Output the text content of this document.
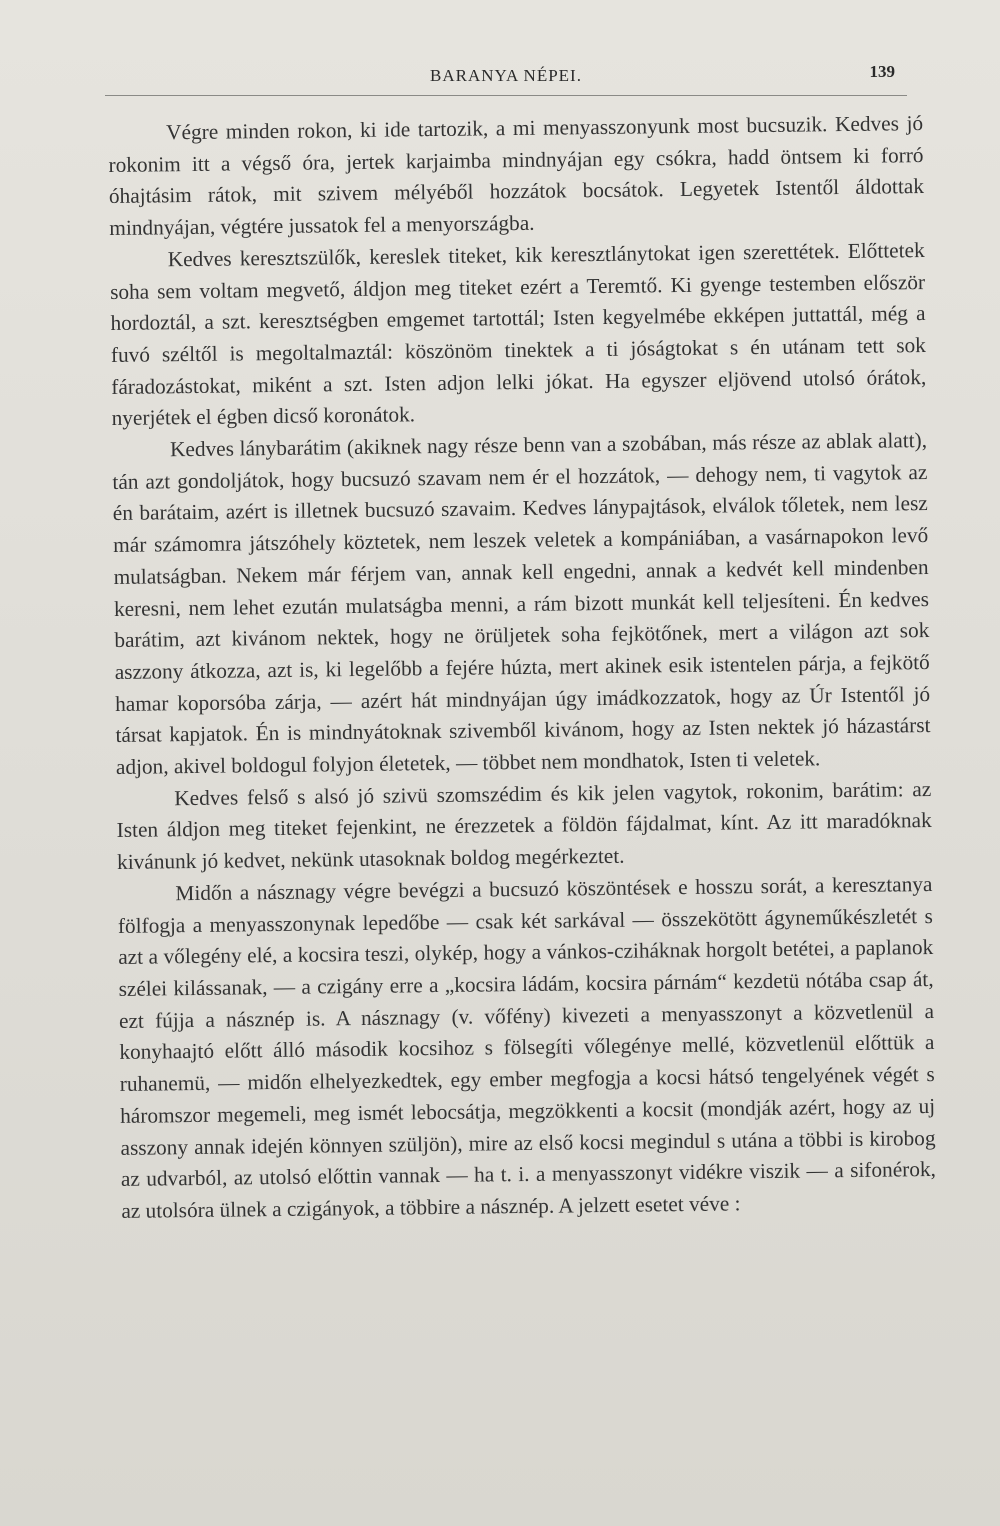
BARANYA NÉPEI.	139

Végre minden rokon, ki ide tartozik, a mi menyasszonyunk most bucsuzik. Kedves jó rokonim itt a végső óra, jertek karjaimba mindnyájan egy csókra, hadd öntsem ki forró óhajtásim rátok, mit szivem mélyéből hozzátok bocsátok. Legyetek Istentől áldottak mindnyájan, végtére jussatok fel a menyországba.

Kedves keresztszülők, kereslek titeket, kik keresztlánytokat igen szerettétek. Előttetek soha sem voltam megvető, áldjon meg titeket ezért a Teremtő. Ki gyenge testemben először hordoztál, a szt. keresztségben emgemet tartottál; Isten kegyelmébe ekképen juttattál, még a fuvó széltől is megoltalmaztál: köszönöm tinektek a ti jóságtokat s én utánam tett sok fáradozástokat, miként a szt. Isten adjon lelki jókat. Ha egyszer eljövend utolsó órátok, nyerjétek el égben dicső koronátok.

Kedves lánybarátim (akiknek nagy része benn van a szobában, más része az ablak alatt), tán azt gondoljátok, hogy bucsuzó szavam nem ér el hozzátok, — dehogy nem, ti vagytok az én barátaim, azért is illetnek bucsuzó szavaim. Kedves lánypajtások, elválok tőletek, nem lesz már számomra játszóhely köztetek, nem leszek veletek a kompániában, a vasárnapokon levő mulatságban. Nekem már férjem van, annak kell engedni, annak a kedvét kell mindenben keresni, nem lehet ezután mulatságba menni, a rám bizott munkát kell teljesíteni. Én kedves barátim, azt kivánom nektek, hogy ne örüljetek soha fejkötőnek, mert a világon azt sok aszzony átkozza, azt is, ki legelőbb a fejére húzta, mert akinek esik istentelen párja, a fejkötő hamar koporsóba zárja, — azért hát mindnyájan úgy imádkozzatok, hogy az Úr Istentől jó társat kapjatok. Én is mindnyátoknak szivemből kivánom, hogy az Isten nektek jó házastárst adjon, akivel boldogul folyjon életetek, — többet nem mondhatok, Isten ti veletek.

Kedves felső s alsó jó szivü szomszédim és kik jelen vagytok, rokonim, barátim: az Isten áldjon meg titeket fejenkint, ne érezzetek a földön fájdalmat, kínt. Az itt maradóknak kivánunk jó kedvet, nekünk utasoknak boldog megérkeztet.

Midőn a násznagy végre bevégzi a bucsuzó köszöntések e hosszu sorát, a keresztanya fölfogja a menyasszonynak lepedőbe — csak két sarkával — összekötött ágyneműkészletét s azt a vőlegény elé, a kocsira teszi, olykép, hogy a vánkos-cziháknak horgolt betétei, a paplanok szélei kilássanak, — a czigány erre a „kocsira ládám, kocsira párnám“ kezdetü nótába csap át, ezt fújja a násznép is. A násznagy (v. vőfény) kivezeti a menyasszonyt a közvetlenül a konyhaajtó előtt álló második kocsihoz s fölsegíti vőlegénye mellé, közvetlenül előttük a ruhanemü, — midőn elhelyezkedtek, egy ember megfogja a kocsi hátsó tengelyének végét s háromszor megemeli, meg ismét lebocsátja, megzökkenti a kocsit (mondják azért, hogy az uj asszony annak idején könnyen szüljön), mire az első kocsi megindul s utána a többi is kirobog az udvarból, az utolsó előttin vannak — ha t. i. a menyasszonyt vidékre viszik — a sifonérok, az utolsóra ülnek a czigányok, a többire a násznép. A jelzett esetet véve :
